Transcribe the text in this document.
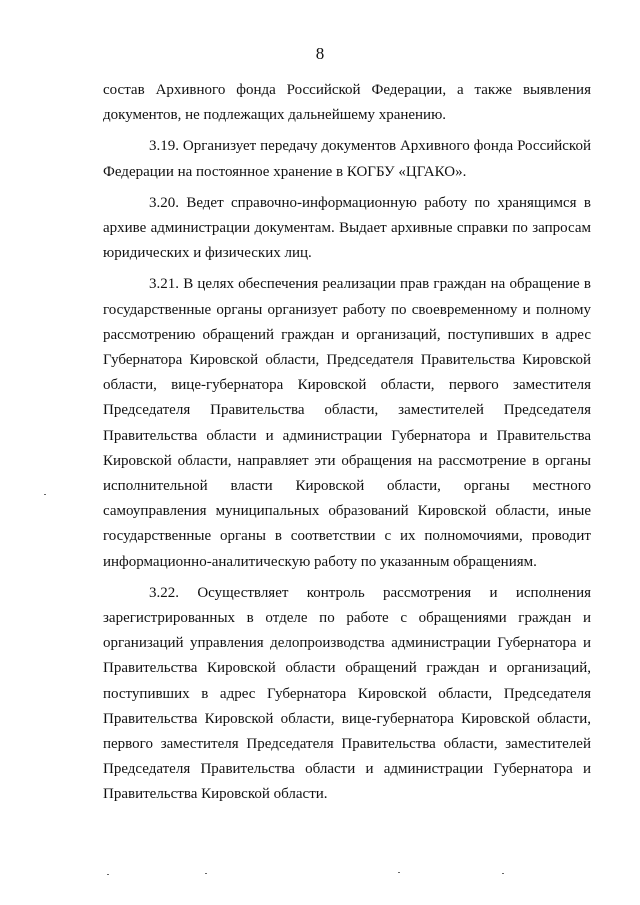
8

состав Архивного фонда Российской Федерации, а также выявления документов, не подлежащих дальнейшему хранению.

3.19. Организует передачу документов Архивного фонда Российской Федерации на постоянное хранение в КОГБУ «ЦГАКО».

3.20. Ведет справочно-информационную работу по хранящимся в архиве администрации документам. Выдает архивные справки по запросам юридических и физических лиц.

3.21. В целях обеспечения реализации прав граждан на обращение в государственные органы организует работу по своевременному и полному рассмотрению обращений граждан и организаций, поступивших в адрес Губернатора Кировской области, Председателя Правительства Кировской области, вице-губернатора Кировской области, первого заместителя Председателя Правительства области, заместителей Председателя Правительства области и администрации Губернатора и Правительства Кировской области, направляет эти обращения на рассмотрение в органы исполнительной власти Кировской области, органы местного самоуправления муниципальных образований Кировской области, иные государственные органы в соответствии с их полномочиями, проводит информационно-аналитическую работу по указанным обращениям.

3.22. Осуществляет контроль рассмотрения и исполнения зарегистрированных в отделе по работе с обращениями граждан и организаций управления делопроизводства администрации Губернатора и Правительства Кировской области обращений граждан и организаций, поступивших в адрес Губернатора Кировской области, Председателя Правительства Кировской области, вице-губернатора Кировской области, первого заместителя Председателя Правительства области, заместителей Председателя Правительства области и администрации Губернатора и Правительства Кировской области.
